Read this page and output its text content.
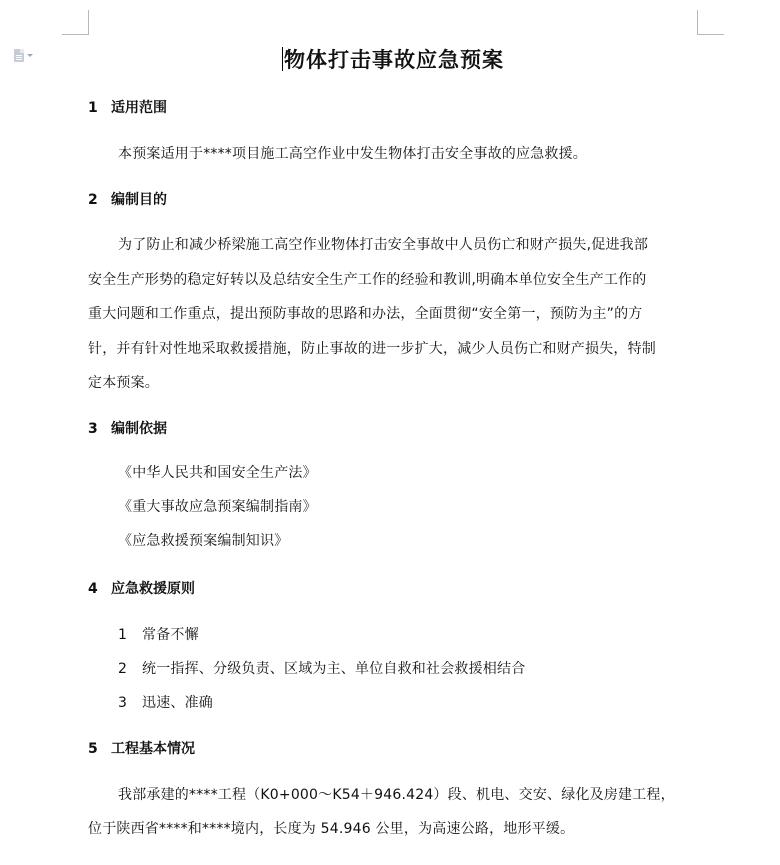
物体打击事故应急预案
1 适用范围
本预案适用于****项目施工高空作业中发生物体打击安全事故的应急救援。
2 编制目的
为了防止和减少桥梁施工高空作业物体打击安全事故中人员伤亡和财产损失,促进我部
安全生产形势的稳定好转以及总结安全生产工作的经验和教训,明确本单位安全生产工作的
重大问题和工作重点，提出预防事故的思路和办法，全面贯彻“安全第一，预防为主”的方
针，并有针对性地采取救援措施，防止事故的进一步扩大，减少人员伤亡和财产损失，特制
定本预案。
3 编制依据
《中华人民共和国安全生产法》
《重大事故应急预案编制指南》
《应急救援预案编制知识》
4 应急救援原则
1 常备不懈
2 统一指挥、分级负责、区域为主、单位自救和社会救援相结合
3 迅速、准确
5 工程基本情况
我部承建的****工程（K0+000～K54＋946.424）段、机电、交安、绿化及房建工程，
位于陕西省****和****境内，长度为 54.946 公里，为高速公路，地形平缓。
